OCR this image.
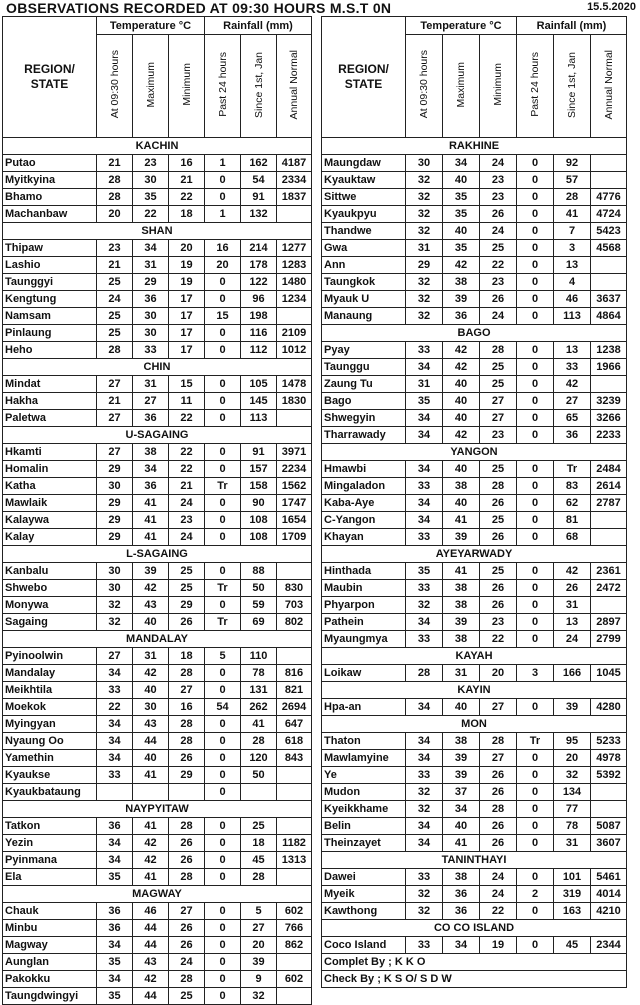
OBSERVATIONS RECORDED AT 09:30 HOURS M.S.T 0N	15.5.2020
REGION/
STATE	Temperature °C			Rainfall (mm)		
	At 09:30 hours	Maximum	Minimum	Past 24 hours	Since 1st, Jan	Annual Normal
KACHIN						
Putao	21	23	16	1	162	4187
Myitkyina	28	30	21	0	54	2334
Bhamo	28	35	22	0	91	1837
Machanbaw	20	22	18	1	132	
SHAN						
Thipaw	23	34	20	16	214	1277
Lashio	21	31	19	20	178	1283
Taunggyi	25	29	19	0	122	1480
Kengtung	24	36	17	0	96	1234
Namsam	25	30	17	15	198	
Pinlaung	25	30	17	0	116	2109
Heho	28	33	17	0	112	1012
CHIN						
Mindat	27	31	15	0	105	1478
Hakha	21	27	11	0	145	1830
Paletwa	27	36	22	0	113	
U-SAGAING						
Hkamti	27	38	22	0	91	3971
Homalin	29	34	22	0	157	2234
Katha	30	36	21	Tr	158	1562
Mawlaik	29	41	24	0	90	1747
Kalaywa	29	41	23	0	108	1654
Kalay	29	41	24	0	108	1709
L-SAGAING						
Kanbalu	30	39	25	0	88	
Shwebo	30	42	25	Tr	50	830
Monywa	32	43	29	0	59	703
Sagaing	32	40	26	Tr	69	802
MANDALAY						
Pyinoolwin	27	31	18	5	110	
Mandalay	34	42	28	0	78	816
Meikhtila	33	40	27	0	131	821
Moekok	22	30	16	54	262	2694
Myingyan	34	43	28	0	41	647
Nyaung Oo	34	44	28	0	28	618
Yamethin	34	40	26	0	120	843
Kyaukse	33	41	29	0	50	
Kyaukbataung				0		
NAYPYITAW						
Tatkon	36	41	28	0	25	
Yezin	34	42	26	0	18	1182
Pyinmana	34	42	26	0	45	1313
Ela	35	41	28	0	28	
MAGWAY						
Chauk	36	46	27	0	5	602
Minbu	36	44	26	0	27	766
Magway	34	44	26	0	20	862
Aunglan	35	43	24	0	39	
Pakokku	34	42	28	0	9	602
Taungdwingyi	35	44	25	0	32	
REGION/
STATE	Temperature °C			Rainfall (mm)		
	At 09:30 hours	Maximum	Minimum	Past 24 hours	Since 1st, Jan	Annual Normal
RAKHINE						
Maungdaw	30	34	24	0	92	
Kyauktaw	32	40	23	0	57	
Sittwe	32	35	23	0	28	4776
Kyaukpyu	32	35	26	0	41	4724
Thandwe	32	40	24	0	7	5423
Gwa	31	35	25	0	3	4568
Ann	29	42	22	0	13	
Taungkok	32	38	23	0	4	
Myauk U	32	39	26	0	46	3637
Manaung	32	36	24	0	113	4864
BAGO						
Pyay	33	42	28	0	13	1238
Taunggu	34	42	25	0	33	1966
Zaung Tu	31	40	25	0	42	
Bago	35	40	27	0	27	3239
Shwegyin	34	40	27	0	65	3266
Tharrawady	34	42	23	0	36	2233
YANGON						
Hmawbi	34	40	25	0	Tr	2484
Mingaladon	33	38	28	0	83	2614
Kaba-Aye	34	40	26	0	62	2787
C-Yangon	34	41	25	0	81	
Khayan	33	39	26	0	68	
AYEYARWADY						
Hinthada	35	41	25	0	42	2361
Maubin	33	38	26	0	26	2472
Phyarpon	32	38	26	0	31	
Pathein	34	39	23	0	13	2897
Myaungmya	33	38	22	0	24	2799
KAYAH						
Loikaw	28	31	20	3	166	1045
KAYIN						
Hpa-an	34	40	27	0	39	4280
MON						
Thaton	34	38	28	Tr	95	5233
Mawlamyine	34	39	27	0	20	4978
Ye	33	39	26	0	32	5392
Mudon	32	37	26	0	134	
Kyeikkhame	32	34	28	0	77	
Belin	34	40	26	0	78	5087
Theinzayet	34	41	26	0	31	3607
TANINTHAYI						
Dawei	33	38	24	0	101	5461
Myeik	32	36	24	2	319	4014
Kawthong	32	36	22	0	163	4210
CO CO ISLAND						
Coco Island	33	34	19	0	45	2344
Complet By ; K K O						
Check By ; K S O/ S D W						
